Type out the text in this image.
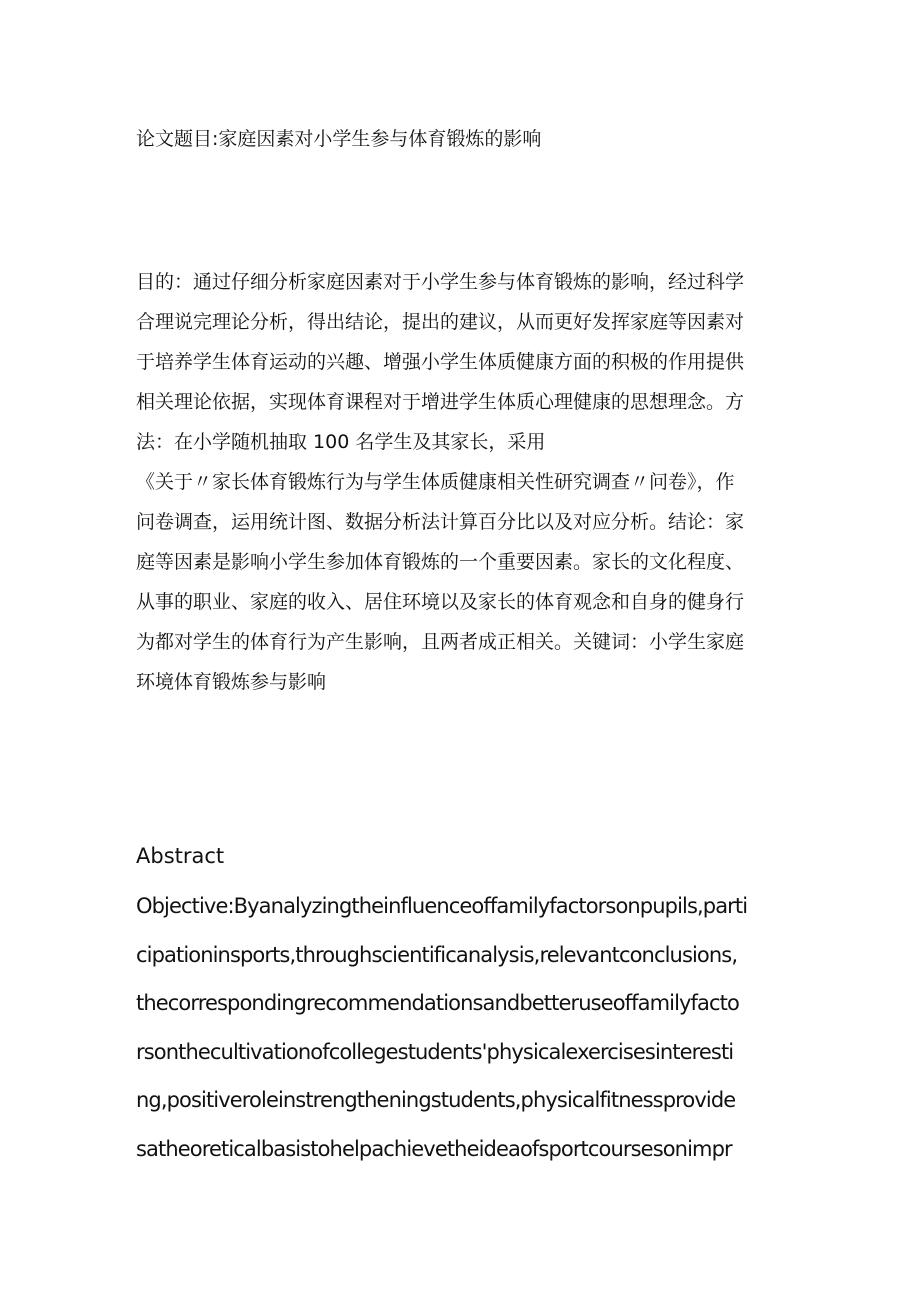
论文题目:家庭因素对小学生参与体育锻炼的影响
目的：通过仔细分析家庭因素对于小学生参与体育锻炼的影响，经过科学
合理说完理论分析，得出结论，提出的建议，从而更好发挥家庭等因素对
于培养学生体育运动的兴趣、增强小学生体质健康方面的积极的作用提供
相关理论依据，实现体育课程对于增进学生体质心理健康的思想理念。方
法：在小学随机抽取 100 名学生及其家长，采用
《关于〃家长体育锻炼行为与学生体质健康相关性研究调查〃问卷》，作
问卷调查，运用统计图、数据分析法计算百分比以及对应分析。结论：家
庭等因素是影响小学生参加体育锻炼的一个重要因素。家长的文化程度、
从事的职业、家庭的收入、居住环境以及家长的体育观念和自身的健身行
为都对学生的体育行为产生影响，且两者成正相关。关键词：小学生家庭
环境体育锻炼参与影响
Abstract
Objective:Byanalyzingtheinfluenceoffamilyfactorsonpupils,parti
cipationinsports,throughscientificanalysis,relevantconclusions,
thecorrespondingrecommendationsandbetteruseoffamilyfacto
rsonthecultivationofcollegestudents'physicalexercisesinteresti
ng,positiveroleinstrengtheningstudents,physicalfitnessprovide
satheoreticalbasistohelpachievetheideaofsportcoursesonimpr
